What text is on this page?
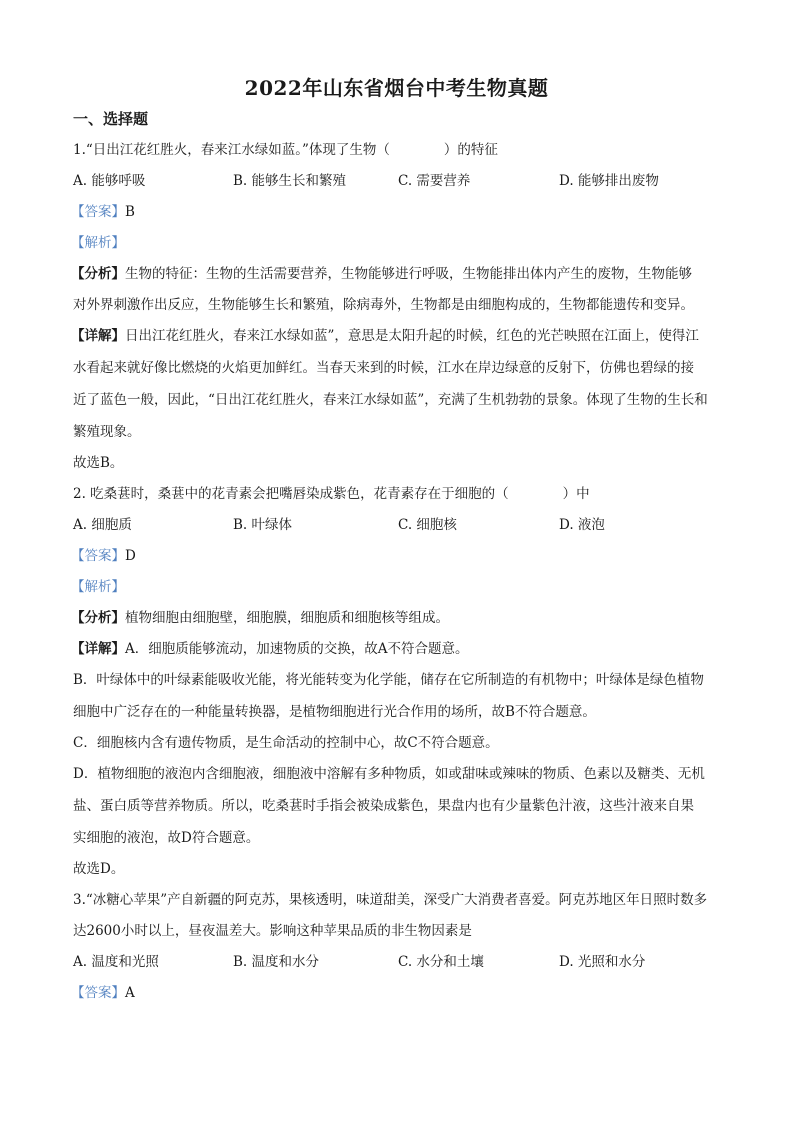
2022年山东省烟台中考生物真题
一、选择题
1.“日出江花红胜火，春来江水绿如蓝。”体现了生物（　　　　）的特征
A. 能够呼吸	B. 能够生长和繁殖	C. 需要营养	D. 能够排出废物
【答案】B
【解析】
【分析】生物的特征：生物的生活需要营养，生物能够进行呼吸，生物能排出体内产生的废物，生物能够
对外界刺激作出反应，生物能够生长和繁殖，除病毒外，生物都是由细胞构成的，生物都能遗传和变异。
【详解】日出江花红胜火，春来江水绿如蓝”，意思是太阳升起的时候，红色的光芒映照在江面上，使得江
水看起来就好像比燃烧的火焰更加鲜红。当春天来到的时候，江水在岸边绿意的反射下，仿佛也碧绿的接
近了蓝色一般，因此，“日出江花红胜火，春来江水绿如蓝”，充满了生机勃勃的景象。体现了生物的生长和
繁殖现象。
故选B。
2. 吃桑葚时，桑葚中的花青素会把嘴唇染成紫色，花青素存在于细胞的（　　　　）中
A. 细胞质	B. 叶绿体	C. 细胞核	D. 液泡
【答案】D
【解析】
【分析】植物细胞由细胞壁，细胞膜，细胞质和细胞核等组成。
【详解】A．细胞质能够流动，加速物质的交换，故A不符合题意。
B．叶绿体中的叶绿素能吸收光能，将光能转变为化学能，储存在它所制造的有机物中；叶绿体是绿色植物
细胞中广泛存在的一种能量转换器，是植物细胞进行光合作用的场所，故B不符合题意。
C．细胞核内含有遗传物质，是生命活动的控制中心，故C不符合题意。
D．植物细胞的液泡内含细胞液，细胞液中溶解有多种物质，如或甜味或辣味的物质、色素以及糖类、无机
盐、蛋白质等营养物质。所以，吃桑葚时手指会被染成紫色，果盘内也有少量紫色汁液，这些汁液来自果
实细胞的液泡，故D符合题意。
故选D。
3.“冰糖心苹果”产自新疆的阿克苏，果核透明，味道甜美，深受广大消费者喜爱。阿克苏地区年日照时数多
达2600小时以上，昼夜温差大。影响这种苹果品质的非生物因素是
A. 温度和光照	B. 温度和水分	C. 水分和土壤	D. 光照和水分
【答案】A
